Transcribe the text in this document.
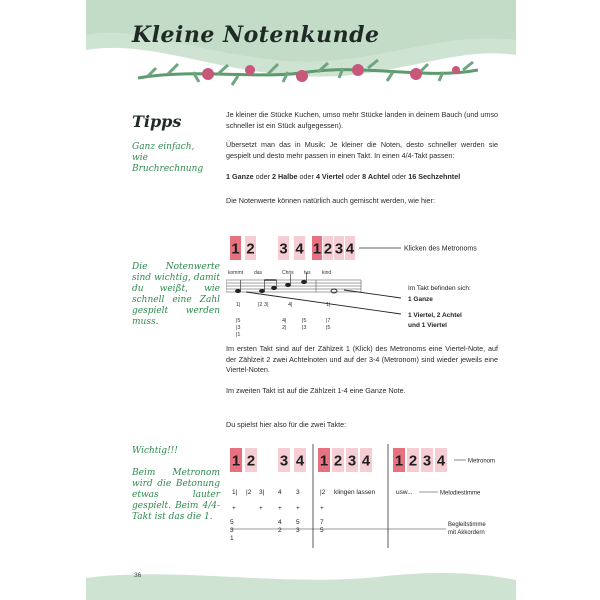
Kleine Notenkunde
Tipps
Ganz einfach, wie Bruchrechnung
Die Notenwerte sind wichtig, damit du weißt, wie schnell eine Zahl gespielt werden muss.
Wichtig!!!
Beim Metronom wird die Betonung etwas lauter gespielt. Beim 4/4-Takt ist das die 1.
Je kleiner die Stücke Kuchen, umso mehr Stücke landen in deinem Bauch (und umso schneller ist ein Stück aufgegessen).
Übersetzt man das in Musik: Je kleiner die Noten, desto schneller werden sie gespielt und desto mehr passen in einen Takt. In einen 4/4-Takt passen:
1 Ganze oder 2 Halbe oder 4 Viertel oder 8 Achtel oder 16 Sechzehntel
Die Notenwerte können natürlich auch gemischt werden, wie hier:
1 2 3 4 1 2 3 4	Klicken des Metronoms
kommt das	Chris tus kind
Im Takt befinden sich:
1 Ganze
1 Viertel, 2 Achtel
und 1 Viertel
1|	|2 3|	4|	1|
|5	4|	|5	|7
|3	2|	|3	|5
|1
Im ersten Takt sind auf der Zählzeit 1 (Klick) des Metronoms eine Viertel-Note, auf der Zählzeit 2 zwei Achtelnoten und auf der 3-4 (Metronom) sind wieder jeweils eine Viertel-Noten.
Im zweiten Takt ist auf die Zählzeit 1-4 eine Ganze Note.
Du spielst hier also für die zwei Takte:
1 2 3 4 1 2 3 4 1 2 3 4	Metronom
1| |2 3| 4 3	|2 klingen lassen	usw...	Melodiestimme
+	+ + +	+
5
3
1
4
2
5
3
7
5
Begleitstimme
mit Akkordern
36
